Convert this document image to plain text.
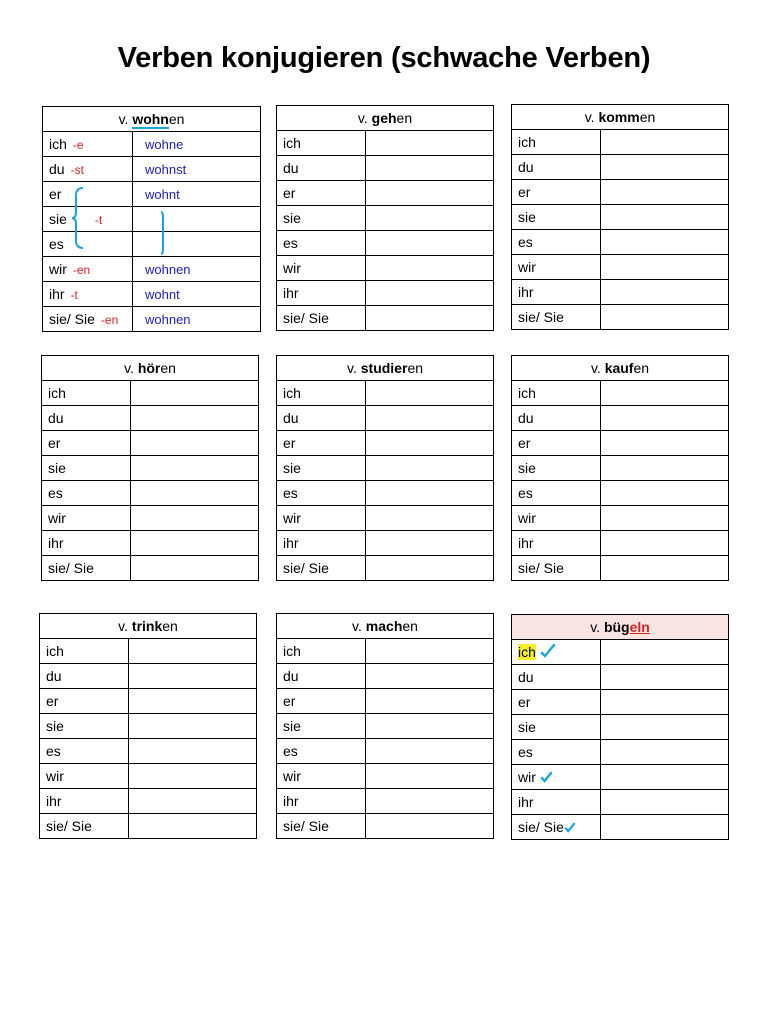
Verben konjugieren (schwache Verben)
v. wohnen	
ich -e	wohne
du -st	wohnst
er	wohnt
sie -t	

es	
wir -en	wohnen
ihr -t	wohnt
sie/ Sie -en	wohnen
v. gehen	
ich	
du	
er	
sie	
es	
wir	
ihr	
sie/ Sie	
v. kommen	
ich	
du	
er	
sie	
es	
wir	
ihr	
sie/ Sie	
v. hören	
ich	
du	
er	
sie	
es	
wir	
ihr	
sie/ Sie	
v. studieren	
ich	
du	
er	
sie	
es	
wir	
ihr	
sie/ Sie	
v. kaufen	
ich	
du	
er	
sie	
es	
wir	
ihr	
sie/ Sie	
v. trinken	
ich	
du	
er	
sie	
es	
wir	
ihr	
sie/ Sie	
v. machen	
ich	
du	
er	
sie	
es	
wir	
ihr	
sie/ Sie	
v. bügeln	
ich	
du	
er	
sie	
es	
wir	
ihr	
sie/ Sie	
